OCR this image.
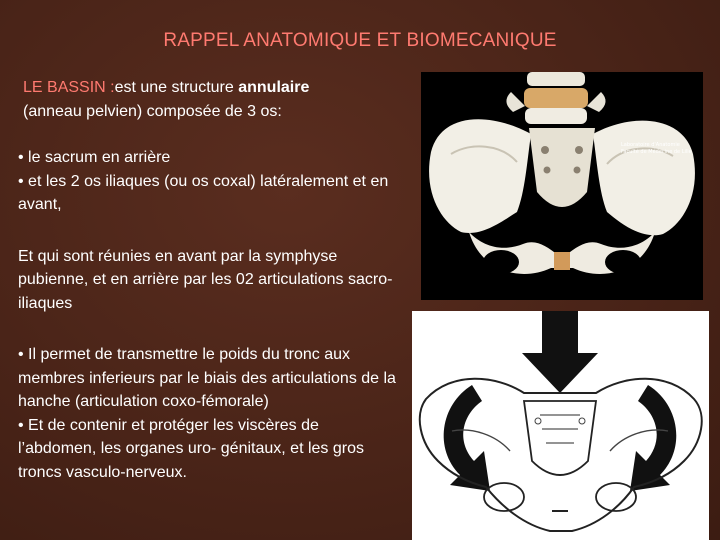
RAPPEL ANATOMIQUE ET BIOMECANIQUE

LE BASSIN :est une structure annulaire
(anneau pelvien) composée de 3 os:

• le sacrum en arrière

• et les 2 os iliaques (ou os coxal) latéralement et en avant,

Et qui sont réunies en avant par la symphyse pubienne, et en arrière par les 02 articulations sacro-iliaques

• Il permet de transmettre le poids du tronc aux membres inferieurs par le biais des articulations de la hanche (articulation coxo-fémorale)

• Et de contenir et protéger les viscères de l’abdomen, les organes uro- génitaux, et les gros troncs vasculo-nerveux.

Laboratoire d'Anatomie
Faculté de Médecine de Lille
